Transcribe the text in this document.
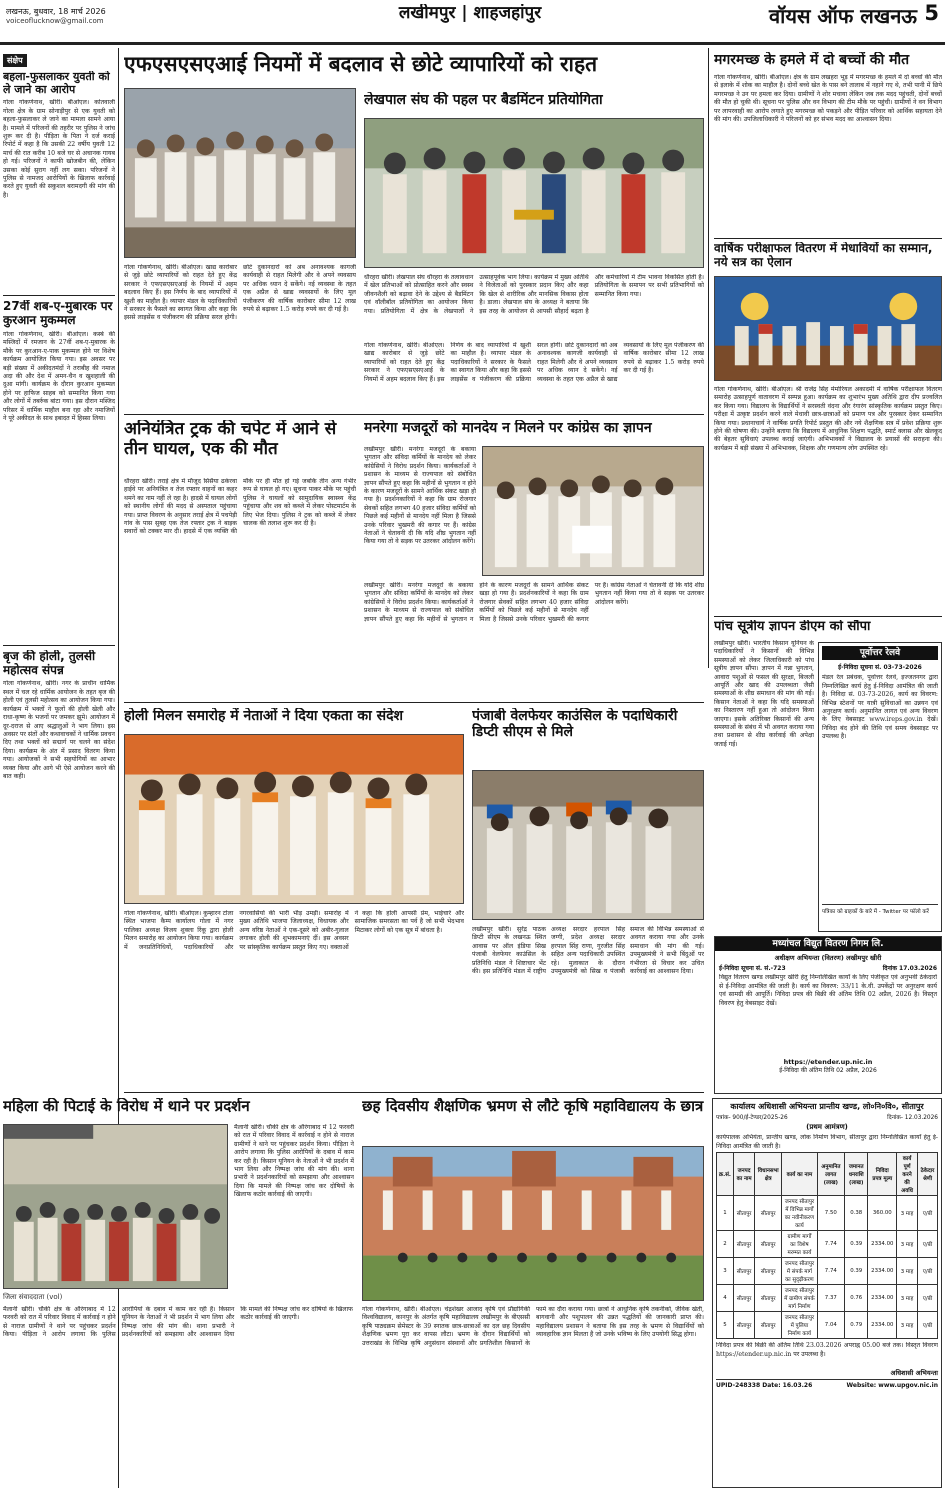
लखनऊ, बुधवार, 18 मार्च 2026
voiceoflucknow@gmail.com	लखीमपुर | शाहजहांपुर	वॉयस ऑफ लखनऊ 5
संक्षेप
बहला-फुसलाकर युवती को ले जाने का आरोप
गोला गोकर्णनाथ, खीरी। बीओएल। कोतवाली गोला क्षेत्र के ग्राम सोनाड़ीपुर से एक युवती को बहला-फुसलाकर ले जाने का मामला सामने आया है। मामले में परिजनों की तहरीर पर पुलिस ने जांच शुरू कर दी है। पीड़िता के पिता ने दर्ज कराई रिपोर्ट में कहा है कि उसकी 22 वर्षीय युवती 12 मार्च की रात करीब 10 बजे घर से अचानक गायब हो गई। परिजनों ने काफी खोजबीन की, लेकिन उसका कोई सुराग नहीं लग सका। परिजनों ने पुलिस से नामजद आरोपियों के खिलाफ कार्रवाई करते हुए युवती की सकुशल बरामदगी की मांग की है।
27वीं शब-ए-मुबारक पर कुरआन मुकम्मल
गोला गोकर्णनाथ, खीरी। बीओएल। कस्बे की मस्जिदों में रमजान के 27वीं शब-ए-मुबारक के मौके पर कुरआन-ए-पाक मुकम्मल होने पर विशेष कार्यक्रम आयोजित किया गया। इस अवसर पर बड़ी संख्या में अकीदतमंदों ने तराबीह की नमाज अदा की और देश में अमन-चैन व खुशहाली की दुआ मांगी। कार्यक्रम के दौरान कुरआन मुकम्मल होने पर हाफिज साहब को सम्मानित किया गया और लोगों में तबर्रुक बांटा गया। इस दौरान मस्जिद परिसर में धार्मिक माहौल बना रहा और नमाजियों ने पूरे अकीदत के साथ इबादत में हिस्सा लिया।
बृज की होली, तुलसी महोत्सव संपन्न
गोला गोकर्णनाथ, खीरी। नगर के प्राचीन धार्मिक स्थल में चल रहे धार्मिक आयोजन के तहत बृज की होली एवं तुलसी महोत्सव का आयोजन किया गया। कार्यक्रम में भक्तों ने फूलों की होली खेली और राधा-कृष्ण के भजनों पर जमकर झूमे। आयोजन में दूर-दराज से आए श्रद्धालुओं ने भाग लिया। इस अवसर पर संतों और कथावाचकों ने धार्मिक प्रवचन दिए तथा भक्तों को सद्मार्ग पर चलने का संदेश दिया। कार्यक्रम के अंत में प्रसाद वितरण किया गया। आयोजकों ने सभी सहयोगियों का आभार व्यक्त किया और आगे भी ऐसे आयोजन करने की बात कही।
एफएसएसएआई नियमों में बदलाव से छोटे व्यापारियों को राहत
गोला गोकर्णनाथ, खीरी। बीओएल। खाद्य कारोबार से जुड़े छोटे व्यापारियों को राहत देते हुए केंद्र सरकार ने एफएसएसएआई के नियमों में अहम बदलाव किए हैं। इस निर्णय के बाद व्यापारियों में खुशी का माहौल है। व्यापार मंडल के पदाधिकारियों ने सरकार के फैसले का स्वागत किया और कहा कि इससे लाइसेंस व पंजीकरण की प्रक्रिया सरल होगी। छोटे दुकानदारों को अब अनावश्यक कागजी कार्यवाही से राहत मिलेगी और वे अपने व्यवसाय पर अधिक ध्यान दे सकेंगे। नई व्यवस्था के तहत एक अप्रैल से खाद्य व्यवसायों के लिए मूल पंजीकरण की वार्षिक कारोबार सीमा 12 लाख रुपये से बढ़ाकर 1.5 करोड़ रुपये कर दी गई है।
लेखपाल संघ की पहल पर बैडमिंटन प्रतियोगिता
धौरहरा खीरी। लेखपाल संघ धौरहरा के तत्वावधान में खेल प्रतिभाओं को प्रोत्साहित करने और स्वस्थ जीवनशैली को बढ़ावा देने के उद्देश्य से बैडमिंटन एवं वॉलीबॉल प्रतियोगिता का आयोजन किया गया। प्रतियोगिता में क्षेत्र के लेखपालों ने उत्साहपूर्वक भाग लिया। कार्यक्रम में मुख्य अतिथि ने विजेताओं को पुरस्कार प्रदान किए और कहा कि खेल से शारीरिक और मानसिक विकास होता है। डाला। लेखपाल संघ के अध्यक्ष ने बताया कि इस तरह के आयोजन से आपसी सौहार्द बढ़ता है और कर्मचारियों में टीम भावना विकसित होती है। प्रतियोगिता के समापन पर सभी प्रतिभागियों को सम्मानित किया गया।
गोला गोकर्णनाथ, खीरी। बीओएल। खाद्य कारोबार से जुड़े छोटे व्यापारियों को राहत देते हुए केंद्र सरकार ने एफएसएसएआई के नियमों में अहम बदलाव किए हैं। इस निर्णय के बाद व्यापारियों में खुशी का माहौल है। व्यापार मंडल के पदाधिकारियों ने सरकार के फैसले का स्वागत किया और कहा कि इससे लाइसेंस व पंजीकरण की प्रक्रिया सरल होगी। छोटे दुकानदारों को अब अनावश्यक कागजी कार्यवाही से राहत मिलेगी और वे अपने व्यवसाय पर अधिक ध्यान दे सकेंगे। नई व्यवस्था के तहत एक अप्रैल से खाद्य व्यवसायों के लिए मूल पंजीकरण की वार्षिक कारोबार सीमा 12 लाख रुपये से बढ़ाकर 1.5 करोड़ रुपये कर दी गई है।
अनियंत्रित ट्रक की चपेट में आने से तीन घायल, एक की मौत
धौरहरा खीरी। तराई क्षेत्र में मौजूद सिसैया ढकेरवा हाईवे पर अनियंत्रित व तेज रफ्तार वाहनों का कहर थमने का नाम नहीं ले रहा है। हादसे में घायल लोगों को स्थानीय लोगों की मदद से अस्पताल पहुंचाया गया। प्राप्त विवरण के अनुसार तराई क्षेत्र में पचपेड़ी गांव के पास सुबह एक तेज रफ्तार ट्रक ने बाइक सवारों को टक्कर मार दी। हादसे में एक व्यक्ति की मौके पर ही मौत हो गई जबकि तीन अन्य गंभीर रूप से घायल हो गए। सूचना पाकर मौके पर पहुंची पुलिस ने घायलों को सामुदायिक स्वास्थ्य केंद्र पहुंचाया और शव को कब्जे में लेकर पोस्टमार्टम के लिए भेज दिया। पुलिस ने ट्रक को कब्जे में लेकर चालक की तलाश शुरू कर दी है।
मनरेगा मजदूरों को मानदेय न मिलने पर कांग्रेस का ज्ञापन
लखीमपुर खीरी। मनरेगा मजदूरों के बकाया भुगतान और संविदा कर्मियों के मानदेय को लेकर कांग्रेसियों ने विरोध प्रदर्शन किया। कार्यकर्ताओं ने प्रशासन के माध्यम से राज्यपाल को संबोधित ज्ञापन सौंपते हुए कहा कि महीनों से भुगतान न होने के कारण मजदूरों के सामने आर्थिक संकट खड़ा हो गया है। प्रदर्शनकारियों ने कहा कि ग्राम रोजगार सेवकों सहित लगभग 40 हजार संविदा कर्मियों को पिछले कई महीनों से मानदेय नहीं मिला है जिससे उनके परिवार भुखमरी की कगार पर हैं। कांग्रेस नेताओं ने चेतावनी दी कि यदि शीघ्र भुगतान नहीं किया गया तो वे सड़क पर उतरकर आंदोलन करेंगे।
लखीमपुर खीरी। मनरेगा मजदूरों के बकाया भुगतान और संविदा कर्मियों के मानदेय को लेकर कांग्रेसियों ने विरोध प्रदर्शन किया। कार्यकर्ताओं ने प्रशासन के माध्यम से राज्यपाल को संबोधित ज्ञापन सौंपते हुए कहा कि महीनों से भुगतान न होने के कारण मजदूरों के सामने आर्थिक संकट खड़ा हो गया है। प्रदर्शनकारियों ने कहा कि ग्राम रोजगार सेवकों सहित लगभग 40 हजार संविदा कर्मियों को पिछले कई महीनों से मानदेय नहीं मिला है जिससे उनके परिवार भुखमरी की कगार पर हैं। कांग्रेस नेताओं ने चेतावनी दी कि यदि शीघ्र भुगतान नहीं किया गया तो वे सड़क पर उतरकर आंदोलन करेंगे।
होली मिलन समारोह में नेताओं ने दिया एकता का संदेश
गोला गोकर्णनाथ, खीरी। बीओएल। कुम्हारन टोला स्थित भाजपा कैम्प कार्यालय गोला में नगर पालिका अध्यक्ष विजय शुक्ला रिंकू द्वारा होली मिलन समारोह का आयोजन किया गया। कार्यक्रम में जनप्रतिनिधियों, पदाधिकारियों और नगरवासियों की भारी भीड़ उमड़ी। समारोह में मुख्य अतिथि भाजपा जिलाध्यक्ष, विधायक और अन्य वरिष्ठ नेताओं ने एक-दूसरे को अबीर-गुलाल लगाकर होली की शुभकामनाएं दीं। इस अवसर पर सांस्कृतिक कार्यक्रम प्रस्तुत किए गए। वक्ताओं ने कहा कि होली आपसी प्रेम, भाईचारे और सामाजिक समरसता का पर्व है जो सभी भेदभाव मिटाकर लोगों को एक सूत्र में बांधता है।
पंजाबी वेलफेयर काउंसिल के पदाधिकारी डिप्टी सीएम से मिले
लखीमपुर खीरी। सुरेंद्र पाठक डिप्टी सीएम के लखनऊ स्थित आवास पर ऑल इंडिया सिख पंजाबी वेलफेयर काउंसिल के प्रतिनिधि मंडल ने शिष्टाचार भेंट की। इस प्रतिनिधि मंडल में राष्ट्रीय अध्यक्ष सरदार हरपाल सिंह जग्गी, प्रदेश अध्यक्ष सरदार हरपाल सिंह राणा, गुरजीत सिंह सहित अन्य पदाधिकारी उपस्थित रहे। मुलाकात के दौरान उपमुख्यमंत्री को सिख व पंजाबी समाज की विभिन्न समस्याओं से अवगत कराया गया और उनके समाधान की मांग की गई। उपमुख्यमंत्री ने सभी बिंदुओं पर गंभीरता से विचार कर उचित कार्रवाई का आश्वासन दिया।
महिला की पिटाई के विरोध में थाने पर प्रदर्शन
जिला संवाददाता (vol)
मैलानी खीरी। चौकी क्षेत्र के औरंगाबाद में 12 फरवरी को रात में परिवार विवाद में कार्रवाई न होने से नाराज ग्रामीणों ने थाने पर पहुंचकर प्रदर्शन किया। पीड़िता ने आरोप लगाया कि पुलिस आरोपियों के दबाव में काम कर रही है। किसान यूनियन के नेताओं ने भी प्रदर्शन में भाग लिया और निष्पक्ष जांच की मांग की। थाना प्रभारी ने प्रदर्शनकारियों को समझाया और आश्वासन दिया कि मामले की निष्पक्ष जांच कर दोषियों के खिलाफ कठोर कार्रवाई की जाएगी।
मैलानी खीरी। चौकी क्षेत्र के औरंगाबाद में 12 फरवरी को रात में परिवार विवाद में कार्रवाई न होने से नाराज ग्रामीणों ने थाने पर पहुंचकर प्रदर्शन किया। पीड़िता ने आरोप लगाया कि पुलिस आरोपियों के दबाव में काम कर रही है। किसान यूनियन के नेताओं ने भी प्रदर्शन में भाग लिया और निष्पक्ष जांच की मांग की। थाना प्रभारी ने प्रदर्शनकारियों को समझाया और आश्वासन दिया कि मामले की निष्पक्ष जांच कर दोषियों के खिलाफ कठोर कार्रवाई की जाएगी।
छह दिवसीय शैक्षणिक भ्रमण से लौटे कृषि महाविद्यालय के छात्र
गोला गोकर्णनाथ, खीरी। बीओएल। चंद्रशेखर आजाद कृषि एवं प्रौद्योगिकी विश्वविद्यालय, कानपुर के अंतर्गत कृषि महाविद्यालय लखीमपुर के बीएससी कृषि पाठ्यक्रम सेमेस्टर के 39 स्नातक छात्र-छात्राओं का दल छह दिवसीय शैक्षणिक भ्रमण पूरा कर वापस लौटा। भ्रमण के दौरान विद्यार्थियों को उत्तराखंड के विभिन्न कृषि अनुसंधान संस्थानों और प्रगतिशील किसानों के फार्म का दौरा कराया गया। छात्रों ने आधुनिक कृषि तकनीकों, जैविक खेती, बागवानी और पशुपालन की उन्नत पद्धतियों की जानकारी प्राप्त की। महाविद्यालय प्रशासन ने बताया कि इस तरह के भ्रमण से विद्यार्थियों को व्यावहारिक ज्ञान मिलता है जो उनके भविष्य के लिए उपयोगी सिद्ध होगा।
मगरमच्छ के हमले में दो बच्चों की मौत
गोला गोकर्णनाथ, खीरी। बीओएल। क्षेत्र के ग्राम लखहरा भूड़ में मगरमच्छ के हमले में दो बच्चों की मौत से इलाके में शोक का माहौल है। दोनों बच्चे खेत के पास बने तालाब में नहाने गए थे, तभी पानी में छिपे मगरमच्छ ने उन पर हमला कर दिया। ग्रामीणों ने शोर मचाया लेकिन जब तक मदद पहुंचती, दोनों बच्चों की मौत हो चुकी थी। सूचना पर पुलिस और वन विभाग की टीम मौके पर पहुंची। ग्रामीणों ने वन विभाग पर लापरवाही का आरोप लगाते हुए मगरमच्छ को पकड़ने और पीड़ित परिवार को आर्थिक सहायता देने की मांग की। उपजिलाधिकारी ने परिजनों को हर संभव मदद का आश्वासन दिया।
वार्षिक परीक्षाफल वितरण में मेधावियों का सम्मान, नये सत्र का ऐलान
गोला गोकर्णनाथ, खीरी। बीओएल। श्री राजेंद्र सिंह मेमोरियल अकादमी में वार्षिक परीक्षाफल वितरण समारोह उत्साहपूर्ण वातावरण में सम्पन्न हुआ। कार्यक्रम का शुभारंभ मुख्य अतिथि द्वारा दीप प्रज्वलित कर किया गया। विद्यालय के विद्यार्थियों ने सरस्वती वंदना और रंगारंग सांस्कृतिक कार्यक्रम प्रस्तुत किए। परीक्षा में उत्कृष्ट प्रदर्शन करने वाले मेधावी छात्र-छात्राओं को प्रमाण पत्र और पुरस्कार देकर सम्मानित किया गया। प्रधानाचार्य ने वार्षिक प्रगति रिपोर्ट प्रस्तुत की और नये शैक्षणिक सत्र में प्रवेश प्रक्रिया शुरू होने की घोषणा की। उन्होंने बताया कि विद्यालय में आधुनिक शिक्षण पद्धति, स्मार्ट क्लास और खेलकूद की बेहतर सुविधाएं उपलब्ध कराई जाएंगी। अभिभावकों ने विद्यालय के प्रयासों की सराहना की। कार्यक्रम में बड़ी संख्या में अभिभावक, शिक्षक और गणमान्य लोग उपस्थित रहे।
पांच सूत्रीय ज्ञापन डीएम को सौंपा
लखीमपुर खीरी। भारतीय किसान यूनियन के पदाधिकारियों ने किसानों की विभिन्न समस्याओं को लेकर जिलाधिकारी को पांच सूत्रीय ज्ञापन सौंपा। ज्ञापन में गन्ना भुगतान, आवारा पशुओं से फसल की सुरक्षा, बिजली आपूर्ति और खाद की उपलब्धता जैसी समस्याओं के शीघ्र समाधान की मांग की गई। किसान नेताओं ने कहा कि यदि समस्याओं का निस्तारण नहीं हुआ तो आंदोलन किया जाएगा। इसके अतिरिक्त किसानों की अन्य समस्याओं के संबंध में भी अवगत कराया गया तथा प्रशासन से शीघ्र कार्रवाई की अपेक्षा जताई गई।
पूर्वोत्तर रेलवे
ई-निविदा सूचना सं. 03-73-2026
मंडल रेल प्रबंधक, पूर्वोत्तर रेलवे, इज्जतनगर द्वारा निम्नलिखित कार्य हेतु ई-निविदा आमंत्रित की जाती है। निविदा सं. 03-73-2026, कार्य का विवरण: विभिन्न स्टेशनों पर यात्री सुविधाओं का उन्नयन एवं अनुरक्षण कार्य। अनुमानित लागत एवं अन्य विवरण के लिए वेबसाइट www.ireps.gov.in देखें। निविदा बंद होने की तिथि एवं समय वेबसाइट पर उपलब्ध है।
पत्रिका को ग्राहकों के बारे में - Twitter पर फॉलो करें
मध्यांचल विद्युत वितरण निगम लि.
अधीक्षण अभियन्ता (वितरण) लखीमपुर खीरी
ई-निविदा सूचना सं. सं.-723	दिनांक 17.03.2026
विद्युत वितरण खण्ड लखीमपुर खीरी हेतु निम्नलिखित कार्यों के लिए पंजीकृत एवं अनुभवी ठेकेदारों से ई-निविदा आमंत्रित की जाती है। कार्य का विवरण: 33/11 के.वी. उपकेंद्रों पर अनुरक्षण कार्य एवं सामग्री की आपूर्ति। निविदा प्रपत्र की बिक्री की अंतिम तिथि 02 अप्रैल, 2026 है। विस्तृत विवरण हेतु वेबसाइट देखें।
https://etender.up.nic.in
ई-निविदा की अंतिम तिथि 02 अप्रैल, 2026
कार्यालय अधिशासी अभियन्ता प्रान्तीय खण्ड, लो०नि०वि०, सीतापुर
पत्रांक- 900/ई-टेण्डर/2025-26	दिनांक- 12.03.2026
(प्रथम आमंत्रण)
कार्यपालक अभियंता, प्रान्तीय खण्ड, लोक निर्माण विभाग, सीतापुर द्वारा निम्नलिखित कार्यों हेतु ई-निविदा आमंत्रित की जाती है।
क्र.सं.	जनपद का नाम	विधानसभा क्षेत्र	कार्य का नाम	अनुमानित लागत (लाख)	जमानत धनराशि (लाख)	निविदा प्रपत्र मूल्य	कार्य पूर्ण करने की अवधि	ठेकेदार श्रेणी
1	सीतापुर	सीतापुर	जनपद सीतापुर में विभिन्न मार्गों का नवीनीकरण कार्य	7.50	0.38	360.00	3 माह	ए/बी
2	सीतापुर	सीतापुर	ग्रामीण मार्गों का विशेष मरम्मत कार्य	7.74	0.39	2334.00	3 माह	ए/बी
3	सीतापुर	सीतापुर	जनपद सीतापुर में संपर्क मार्ग का सुदृढ़ीकरण	7.74	0.39	2334.00	3 माह	ए/बी
4	सीतापुर	सीतापुर	जनपद सीतापुर में ग्रामीण संपर्क मार्ग निर्माण	7.37	0.76	2334.00	3 माह	ए/बी
5	सीतापुर	सीतापुर	जनपद सीतापुर में पुलिया निर्माण कार्य	7.04	0.79	2334.00	3 माह	ए/बी
निविदा प्रपत्र की बिक्री की अंतिम तिथि 23.03.2026 अपराह्न 05.00 बजे तक। विस्तृत विवरण https://etender.up.nic.in पर उपलब्ध है।
अधिशासी अभियन्ता
UPID-248338 Date: 16.03.26	Website: www.upgov.nic.in
